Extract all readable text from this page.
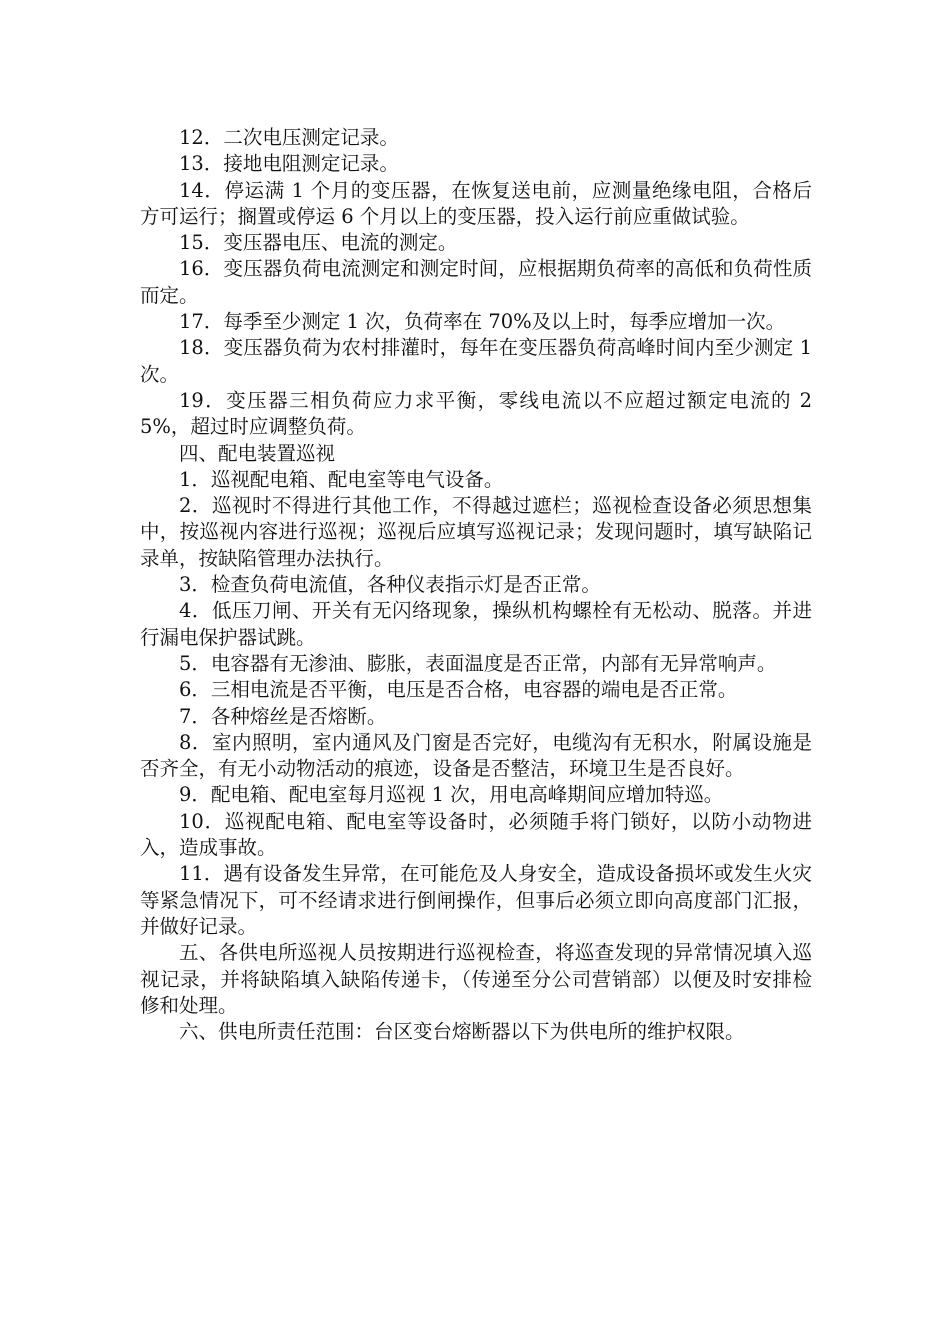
12．二次电压测定记录。

13．接地电阻测定记录。

14．停运满 1 个月的变压器，在恢复送电前，应测量绝缘电阻，合格后方可运行；搁置或停运 6 个月以上的变压器，投入运行前应重做试验。

15．变压器电压、电流的测定。

16．变压器负荷电流测定和测定时间，应根据期负荷率的高低和负荷性质而定。

17．每季至少测定 1 次，负荷率在 70%及以上时，每季应增加一次。

18．变压器负荷为农村排灌时，每年在变压器负荷高峰时间内至少测定 1 次。

19．变压器三相负荷应力求平衡，零线电流以不应超过额定电流的 25%，超过时应调整负荷。

四、配电装置巡视

1．巡视配电箱、配电室等电气设备。

2．巡视时不得进行其他工作，不得越过遮栏；巡视检查设备必须思想集中，按巡视内容进行巡视；巡视后应填写巡视记录；发现问题时，填写缺陷记录单，按缺陷管理办法执行。

3．检查负荷电流值，各种仪表指示灯是否正常。

4．低压刀闸、开关有无闪络现象，操纵机构螺栓有无松动、脱落。并进行漏电保护器试跳。

5．电容器有无渗油、膨胀，表面温度是否正常，内部有无异常响声。

6．三相电流是否平衡，电压是否合格，电容器的端电是否正常。

7．各种熔丝是否熔断。

8．室内照明，室内通风及门窗是否完好，电缆沟有无积水，附属设施是否齐全，有无小动物活动的痕迹，设备是否整洁，环境卫生是否良好。

9．配电箱、配电室每月巡视 1 次，用电高峰期间应增加特巡。

10．巡视配电箱、配电室等设备时，必须随手将门锁好，以防小动物进入，造成事故。

11．遇有设备发生异常，在可能危及人身安全，造成设备损坏或发生火灾等紧急情况下，可不经请求进行倒闸操作，但事后必须立即向高度部门汇报，并做好记录。

五、各供电所巡视人员按期进行巡视检查，将巡查发现的异常情况填入巡视记录，并将缺陷填入缺陷传递卡，（传递至分公司营销部）以便及时安排检修和处理。

六、供电所责任范围：台区变台熔断器以下为供电所的维护权限。
